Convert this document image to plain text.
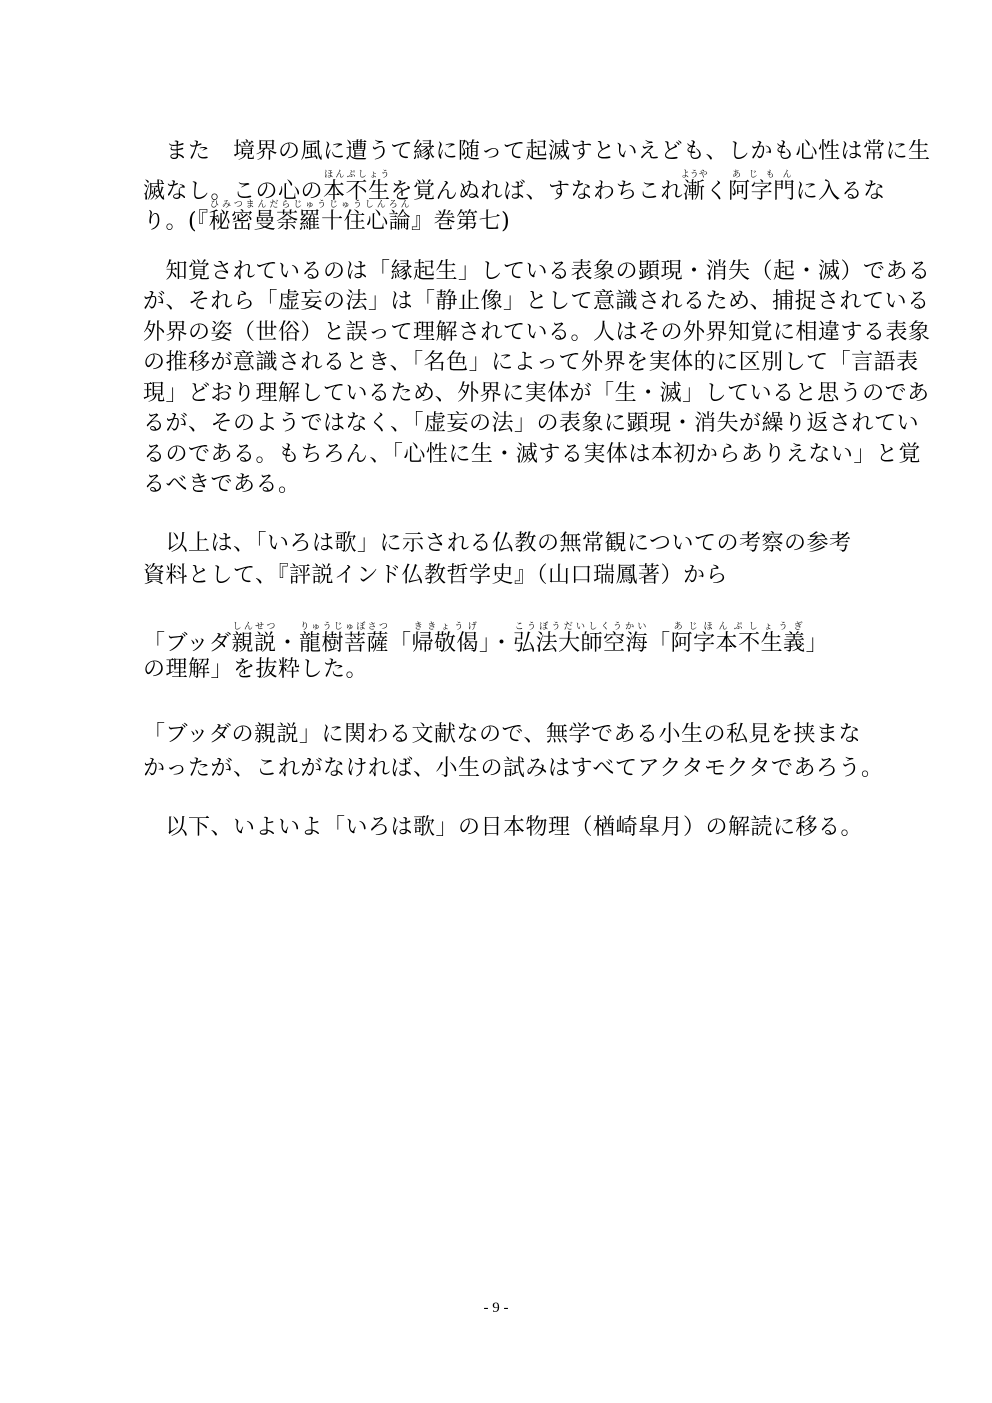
　また　境界の風に遭うて縁に随って起滅すといえども、しかも心性は常に生
滅なし。この心の本不生ほんぷしょうを覚んぬれば、すなわちこれ漸ようやく阿字門あじもんに入るな
り。(『秘密曼荼羅十住心論ひみつまんだらじゅうじゅうしんろん』巻第七)
　知覚されているのは「縁起生」している表象の顕現・消失（起・滅）である
が、それら「虚妄の法」は「静止像」として意識されるため、捕捉されている
外界の姿（世俗）と誤って理解されている。人はその外界知覚に相違する表象
の推移が意識されるとき、「名色」によって外界を実体的に区別して「言語表
現」どおり理解しているため、外界に実体が「生・滅」していると思うのであ
るが、そのようではなく、「虚妄の法」の表象に顕現・消失が繰り返されてい
るのである。もちろん、「心性に生・滅する実体は本初からありえない」と覚
るべきである。
　以上は、「いろは歌」に示される仏教の無常観についての考察の参考
資料として、『評説インド仏教哲学史』（山口瑞鳳著）から
「ブッダ親説しんせつ・龍樹菩薩りゅうじゅぼさつ「帰敬偈ききょうげ」・弘法大師空海こうぼうだいしくうかい「阿字本不生義あじほんぷしょうぎ」
の理解」を抜粋した。
「ブッダの親説」に関わる文献なので、無学である小生の私見を挟まな
かったが、これがなければ、小生の試みはすべてアクタモクタであろう。
　以下、いよいよ「いろは歌」の日本物理（楢崎皐月）の解読に移る。
- 9 -
